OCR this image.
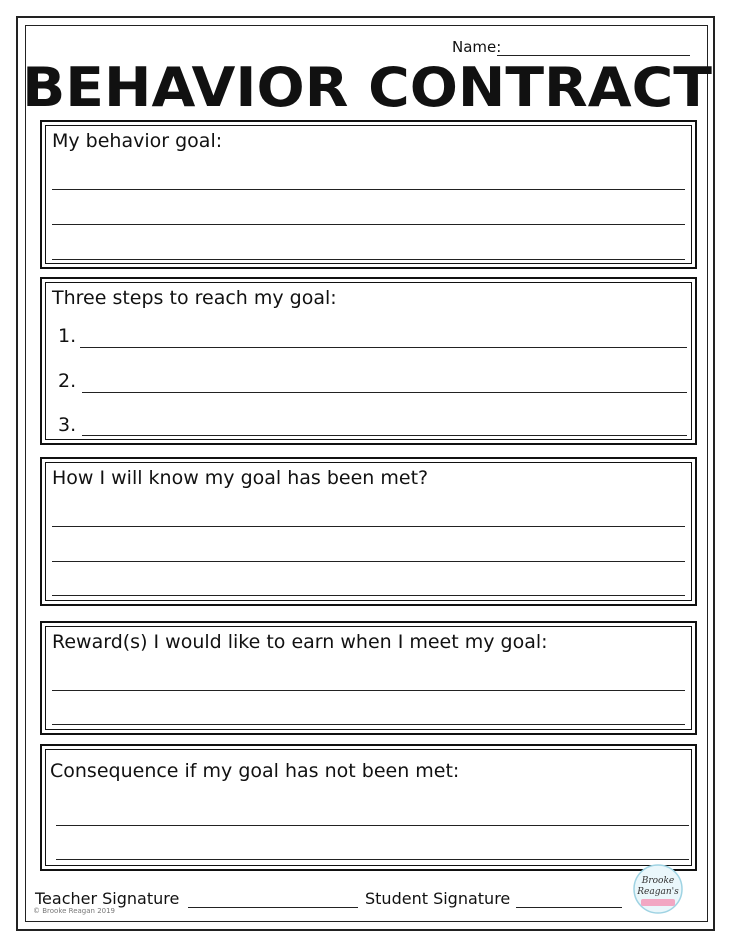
Name:
BEHAVIOR CONTRACT
My behavior goal:
Three steps to reach my goal:
1.
2.
3.
How I will know my goal has been met?
Reward(s) I would like to earn when I meet my goal:
Consequence if my goal has not been met:
Teacher Signature	Student Signature
© Brooke Reagan 2019
Brooke
Reagan's
